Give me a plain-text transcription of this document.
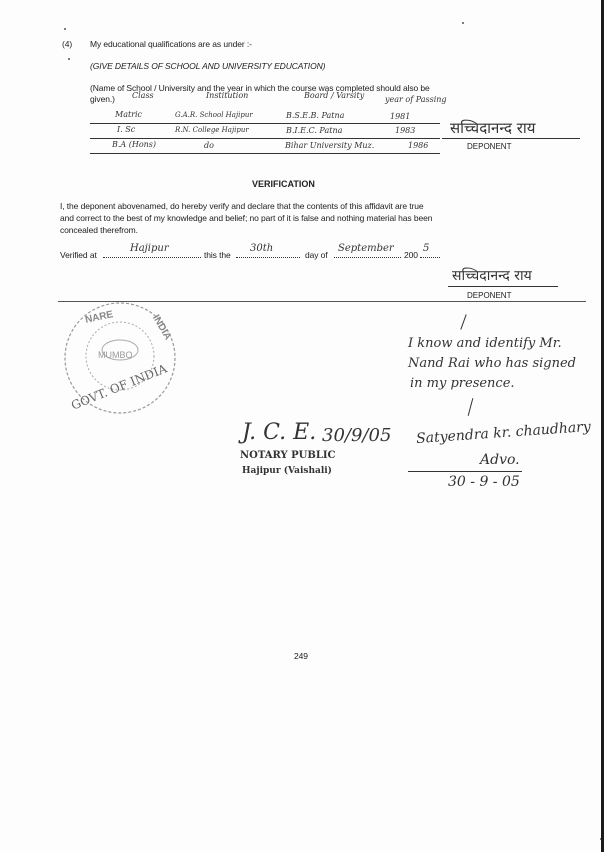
(4) My educational qualifications are as under :-
(GIVE DETAILS OF SCHOOL AND UNIVERSITY EDUCATION)
(Name of School / University and the year in which the course was completed should also be
given.) Class	Institution	Board / Varsity	year of Passing
Matric	G.A.R. School Hajipur	B.S.E.B. Patna	1981
I. Sc	R.N. College Hajipur	B.I.E.C. Patna	1983
B.A (Hons)	do	Bihar University Muz.	1986
सच्चिदानन्द राय
DEPONENT
VERIFICATION
I, the deponent abovenamed, do hereby verify and declare that the contents of this affidavit are true
and correct to the best of my knowledge and belief; no part of it is false and nothing material has been
concealed therefrom.
Verified at
Hajipur
this the
30th
day of
September
200
5
सच्चिदानन्द राय
DEPONENT
NARE	INDIA
MUMBO
GOVT. OF INDIA
I know and identify Mr.
Nand Rai who has signed
in my presence.
J. C. E. 30/9/05
NOTARY PUBLIC
Hajipur (Vaishali)
Satyendra kr. chaudhary
Advo.
30 - 9 - 05
249
